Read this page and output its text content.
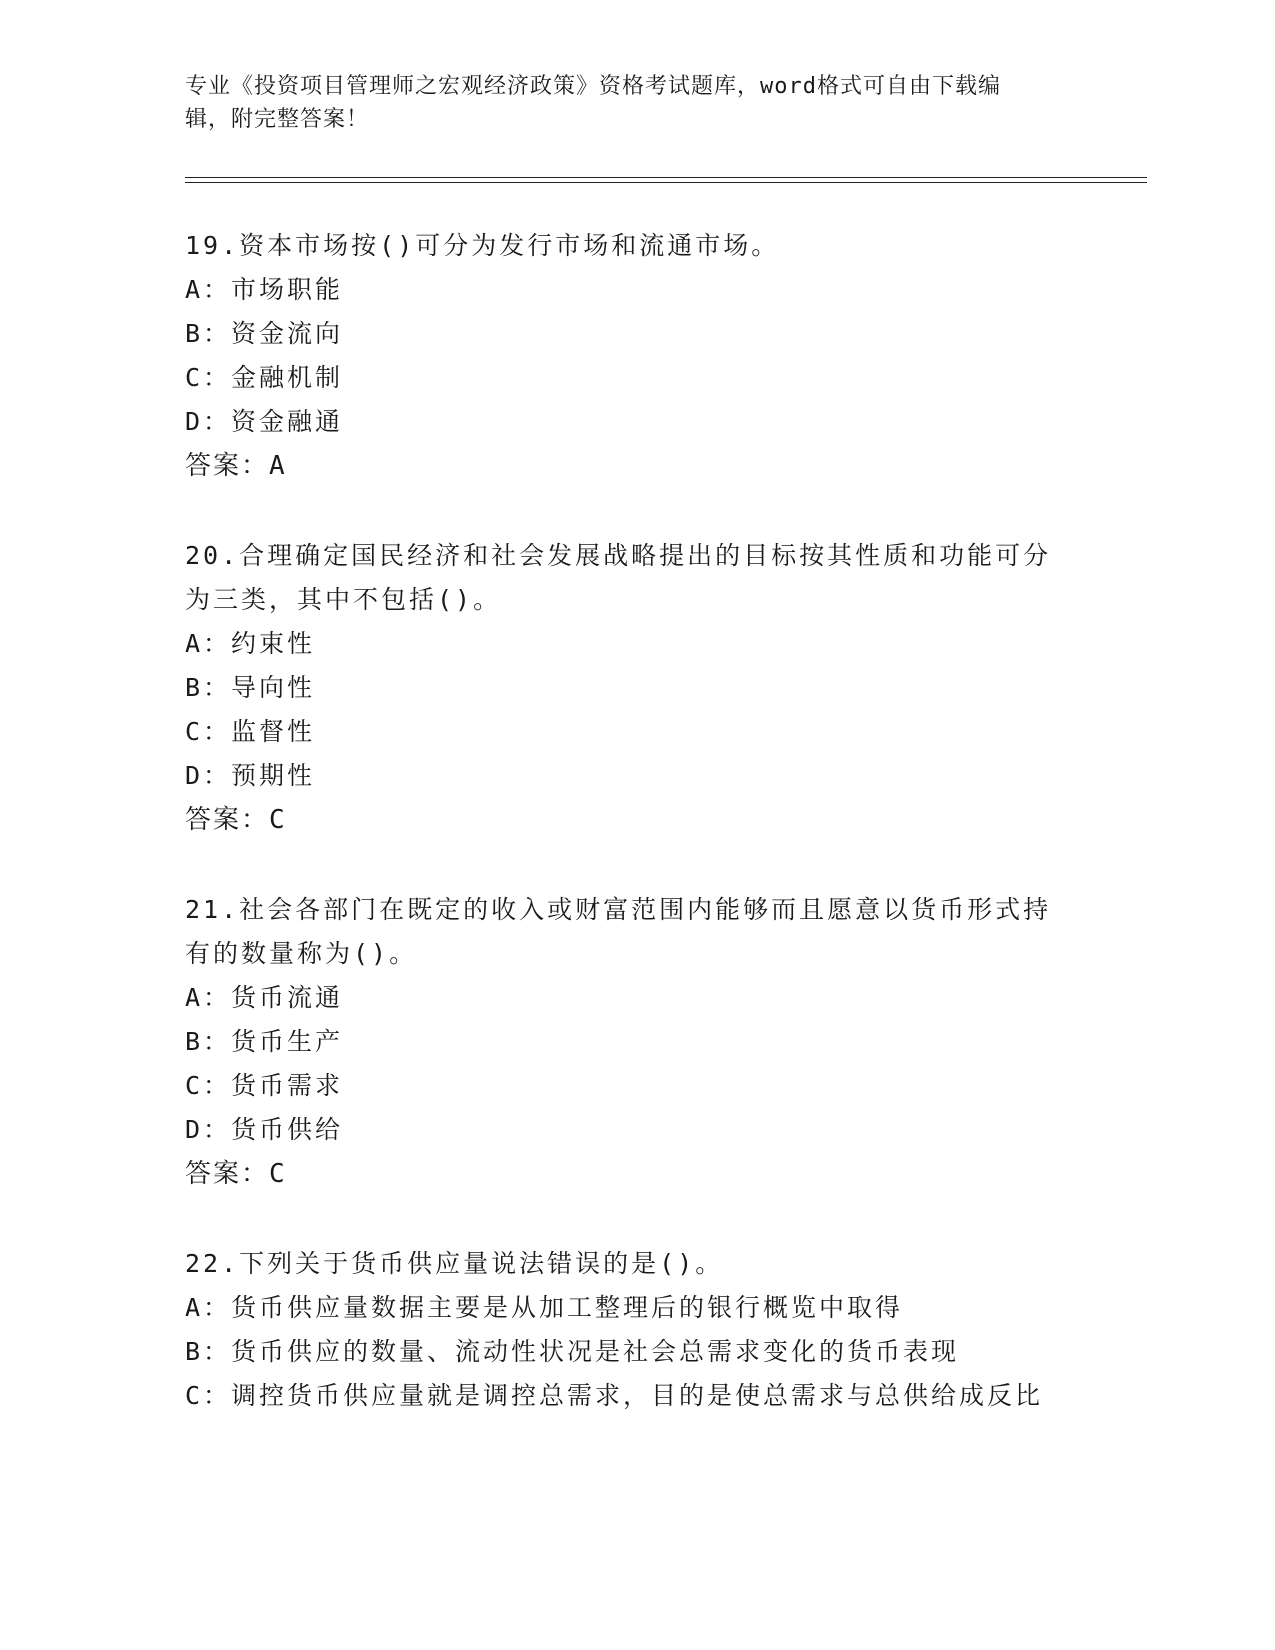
专业《投资项目管理师之宏观经济政策》资格考试题库，word格式可自由下载编
辑，附完整答案！
19.资本市场按()可分为发行市场和流通市场。
A：市场职能
B：资金流向
C：金融机制
D：资金融通
答案：A
20.合理确定国民经济和社会发展战略提出的目标按其性质和功能可分
为三类，其中不包括()。
A：约束性
B：导向性
C：监督性
D：预期性
答案：C
21.社会各部门在既定的收入或财富范围内能够而且愿意以货币形式持
有的数量称为()。
A：货币流通
B：货币生产
C：货币需求
D：货币供给
答案：C
22.下列关于货币供应量说法错误的是()。
A：货币供应量数据主要是从加工整理后的银行概览中取得
B：货币供应的数量、流动性状况是社会总需求变化的货币表现
C：调控货币供应量就是调控总需求，目的是使总需求与总供给成反比
